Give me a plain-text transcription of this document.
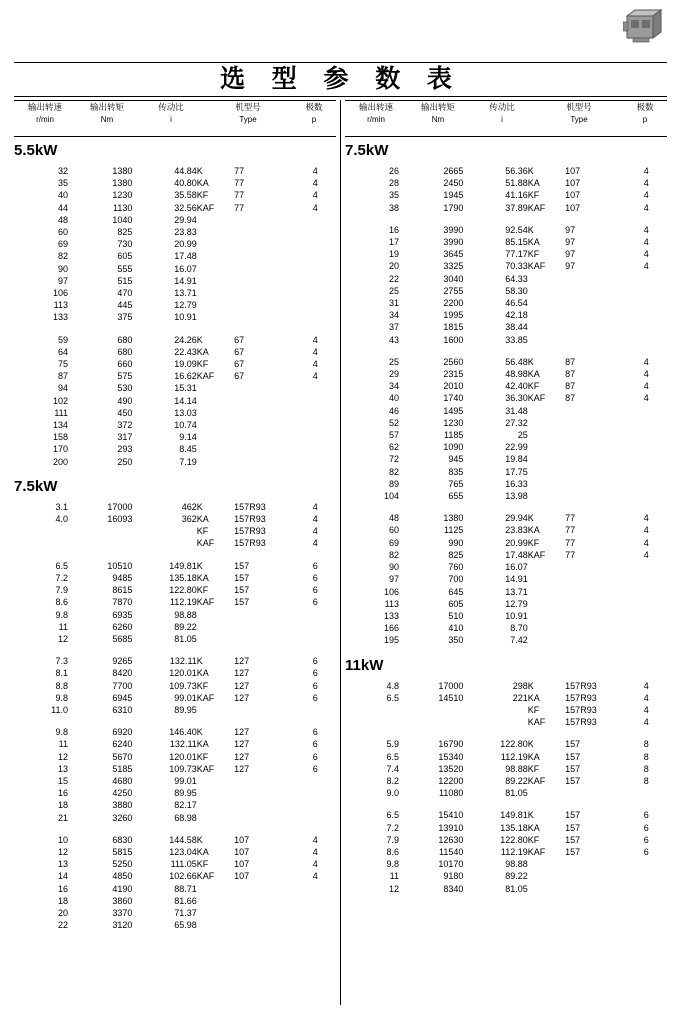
选 型 参 数 表
输出转速
r/min
输出转矩
Nm
传动比
i
机型号
Type
极数
p
输出转速
r/min
输出转矩
Nm
传动比
i
机型号
Type
极数
p
5.5kW
32	1380	44.84	K	77	4
35	1380	40.80	KA	77	4
40	1230	35.58	KF	77	4
44	1130	32.56	KAF	77	4
48	1040	29.94			
60	825	23.83			
69	730	20.99			
82	605	17.48			
90	555	16.07			
97	515	14.91			
106	470	13.71			
113	445	12.79			
133	375	10.91			
59	680	24.26	K	67	4
64	680	22.43	KA	67	4
75	660	19.09	KF	67	4
87	575	16.62	KAF	67	4
94	530	15.31			
102	490	14.14			
111	450	13.03			
134	372	10.74			
158	317	9.14			
170	293	8.45			
200	250	7.19			
7.5kW
3.1	17000	462	K	157R93	4
4.0	16093	362	KA	157R93	4
			KF	157R93	4
			KAF	157R93	4
6.5	10510	149.81	K	157	6
7.2	9485	135.18	KA	157	6
7.9	8615	122.80	KF	157	6
8.6	7870	112.19	KAF	157	6
9.8	6935	98.88			
11	6260	89.22			
12	5685	81.05			
7.3	9265	132.11	K	127	6
8.1	8420	120.01	KA	127	6
8.8	7700	109.73	KF	127	6
9.8	6945	99.01	KAF	127	6
11.0	6310	89.95			
9.8	6920	146.40	K	127	6
11	6240	132.11	KA	127	6
12	5670	120.01	KF	127	6
13	5185	109.73	KAF	127	6
15	4680	99.01			
16	4250	89.95			
18	3880	82.17			
21	3260	68.98			
10	6830	144.58	K	107	4
12	5815	123.04	KA	107	4
13	5250	111.05	KF	107	4
14	4850	102.66	KAF	107	4
16	4190	88.71			
18	3860	81.66			
20	3370	71.37			
22	3120	65.98			
7.5kW
26	2665	56.36	K	107	4
28	2450	51.88	KA	107	4
35	1945	41.16	KF	107	4
38	1790	37.89	KAF	107	4
16	3990	92.54	K	97	4
17	3990	85.15	KA	97	4
19	3645	77.17	KF	97	4
20	3325	70.33	KAF	97	4
22	3040	64.33			
25	2755	58.30			
31	2200	46.54			
34	1995	42.18			
37	1815	38.44			
43	1600	33.85			
25	2560	56.48	K	87	4
29	2315	48.98	KA	87	4
34	2010	42.40	KF	87	4
40	1740	36.30	KAF	87	4
46	1495	31.48			
52	1230	27.32			
57	1185	25			
62	1090	22.99			
72	945	19.84			
82	835	17.75			
89	765	16.33			
104	655	13.98			
48	1380	29.94	K	77	4
60	1125	23.83	KA	77	4
69	990	20.99	KF	77	4
82	825	17.48	KAF	77	4
90	760	16.07			
97	700	14.91			
106	645	13.71			
113	605	12.79			
133	510	10.91			
166	410	8.70			
195	350	7.42			
11kW
4.8	17000	298	K	157R93	4
6.5	14510	221	KA	157R93	4
			KF	157R93	4
			KAF	157R93	4
5.9	16790	122.80	K	157	8
6.5	15340	112.19	KA	157	8
7.4	13520	98.88	KF	157	8
8.2	12200	89.22	KAF	157	8
9.0	11080	81.05			
6.5	15410	149.81	K	157	6
7.2	13910	135.18	KA	157	6
7.9	12630	122.80	KF	157	6
8.6	11540	112.19	KAF	157	6
9.8	10170	98.88			
11	9180	89.22			
12	8340	81.05			
